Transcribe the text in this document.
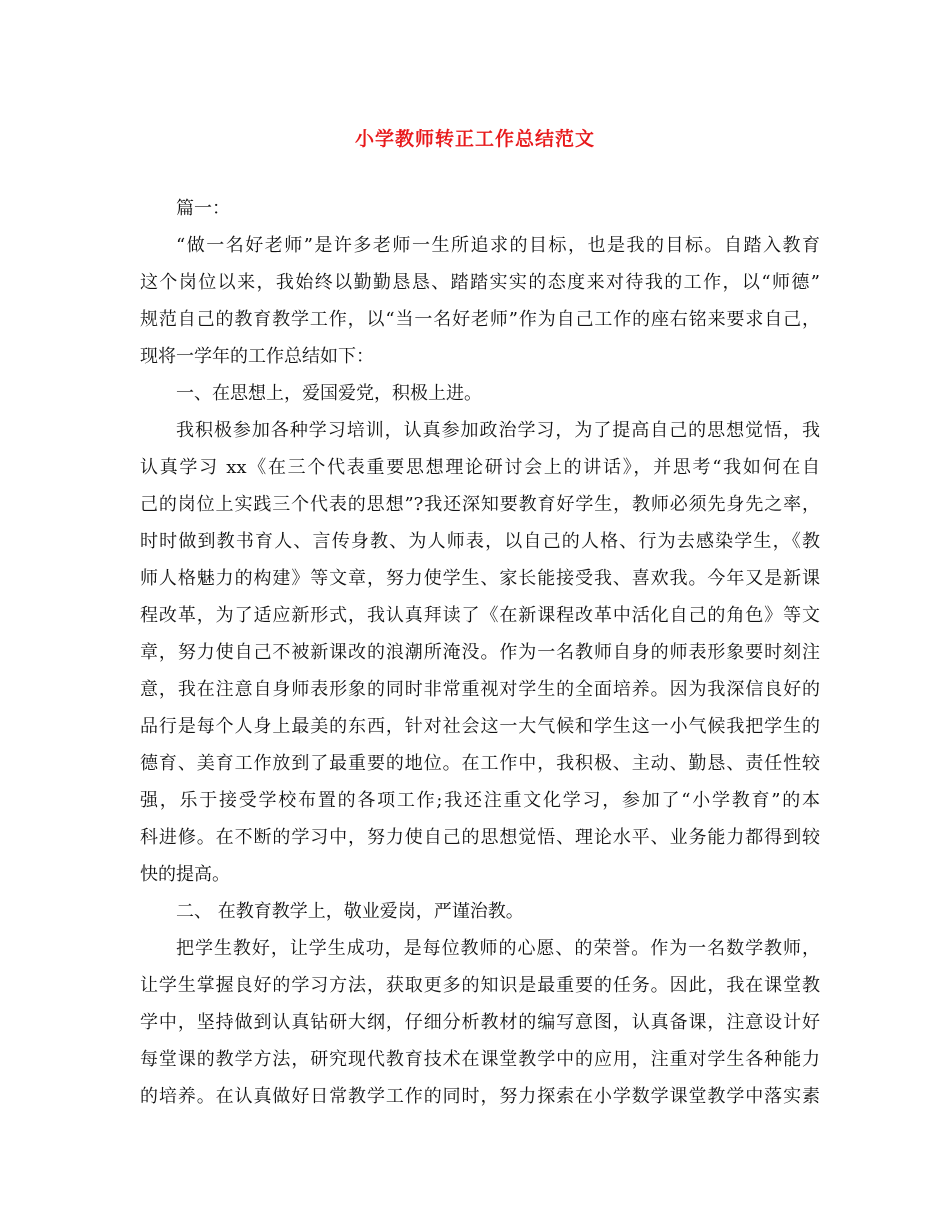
小学教师转正工作总结范文
篇一：
“做一名好老师”是许多老师一生所追求的目标，也是我的目标。自踏入教育
这个岗位以来，我始终以勤勤恳恳、踏踏实实的态度来对待我的工作，以“师德”
规范自己的教育教学工作，以“当一名好老师”作为自己工作的座右铭来要求自己，
现将一学年的工作总结如下：
一、在思想上，爱国爱党，积极上进。
我积极参加各种学习培训，认真参加政治学习，为了提高自己的思想觉悟，我
认真学习 xx《在三个代表重要思想理论研讨会上的讲话》，并思考“我如何在自
己的岗位上实践三个代表的思想”?我还深知要教育好学生，教师必须先身先之率，
时时做到教书育人、言传身教、为人师表，以自己的人格、行为去感染学生，《教
师人格魅力的构建》等文章，努力使学生、家长能接受我、喜欢我。今年又是新课
程改革，为了适应新形式，我认真拜读了《在新课程改革中活化自己的角色》等文
章，努力使自己不被新课改的浪潮所淹没。作为一名教师自身的师表形象要时刻注
意，我在注意自身师表形象的同时非常重视对学生的全面培养。因为我深信良好的
品行是每个人身上最美的东西，针对社会这一大气候和学生这一小气候我把学生的
德育、美育工作放到了最重要的地位。在工作中，我积极、主动、勤恳、责任性较
强，乐于接受学校布置的各项工作;我还注重文化学习，参加了“小学教育”的本
科进修。在不断的学习中，努力使自己的思想觉悟、理论水平、业务能力都得到较
快的提高。
二、 在教育教学上，敬业爱岗，严谨治教。
把学生教好，让学生成功，是每位教师的心愿、的荣誉。作为一名数学教师，
让学生掌握良好的学习方法，获取更多的知识是最重要的任务。因此，我在课堂教
学中，坚持做到认真钻研大纲，仔细分析教材的编写意图，认真备课，注意设计好
每堂课的教学方法，研究现代教育技术在课堂教学中的应用，注重对学生各种能力
的培养。在认真做好日常教学工作的同时，努力探索在小学数学课堂教学中落实素
